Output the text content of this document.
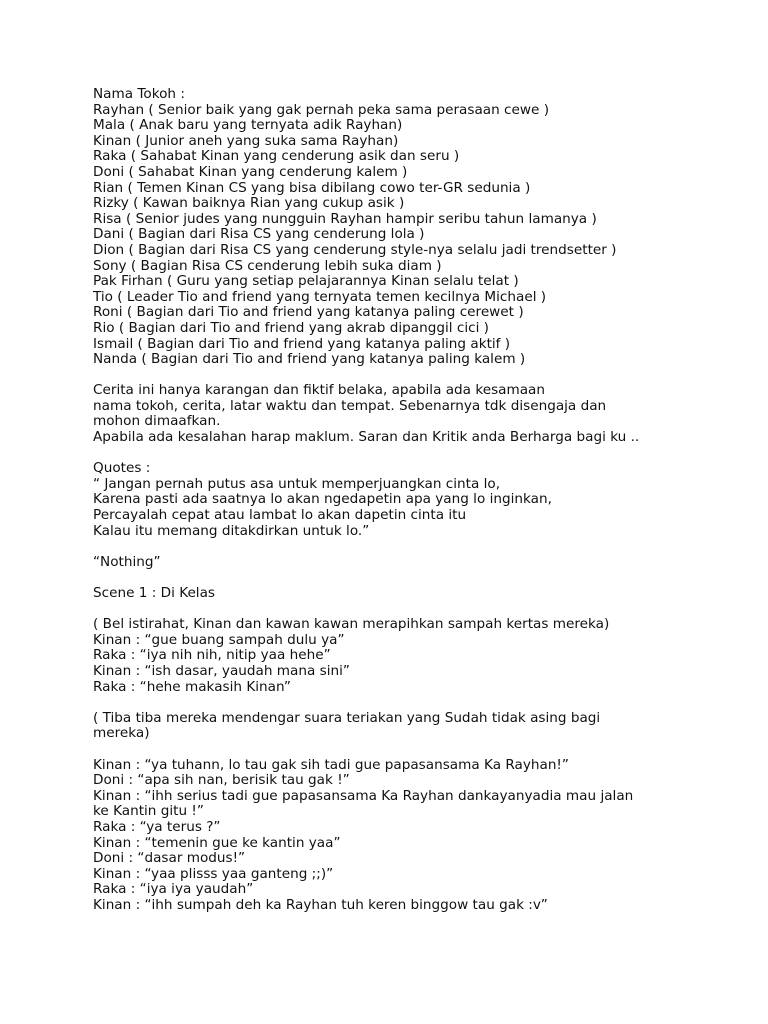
Nama Tokoh :
Rayhan ( Senior baik yang gak pernah peka sama perasaan cewe )
Mala ( Anak baru yang ternyata adik Rayhan)
Kinan ( Junior aneh yang suka sama Rayhan)
Raka ( Sahabat Kinan yang cenderung asik dan seru )
Doni ( Sahabat Kinan yang cenderung kalem )
Rian ( Temen Kinan CS yang bisa dibilang cowo ter-GR sedunia )
Rizky ( Kawan baiknya Rian yang cukup asik )
Risa ( Senior judes yang nungguin Rayhan hampir seribu tahun lamanya )
Dani ( Bagian dari Risa CS yang cenderung lola )
Dion ( Bagian dari Risa CS yang cenderung style-nya selalu jadi trendsetter )
Sony ( Bagian Risa CS cenderung lebih suka diam )
Pak Firhan ( Guru yang setiap pelajarannya Kinan selalu telat )
Tio ( Leader Tio and friend yang ternyata temen kecilnya Michael )
Roni ( Bagian dari Tio and friend yang katanya paling cerewet )
Rio ( Bagian dari Tio and friend yang akrab dipanggil cici )
Ismail ( Bagian dari Tio and friend yang katanya paling aktif )
Nanda ( Bagian dari Tio and friend yang katanya paling kalem )
Cerita ini hanya karangan dan fiktif belaka, apabila ada kesamaan
nama tokoh, cerita, latar waktu dan tempat. Sebenarnya tdk disengaja dan
mohon dimaafkan.
Apabila ada kesalahan harap maklum. Saran dan Kritik anda Berharga bagi ku ..
Quotes :
“ Jangan pernah putus asa untuk memperjuangkan cinta lo,
Karena pasti ada saatnya lo akan ngedapetin apa yang lo inginkan,
Percayalah cepat atau lambat lo akan dapetin cinta itu
Kalau itu memang ditakdirkan untuk lo.”
“Nothing”
Scene 1 : Di Kelas
( Bel istirahat, Kinan dan kawan kawan merapihkan sampah kertas mereka)
Kinan : “gue buang sampah dulu ya”
Raka : “iya nih nih, nitip yaa hehe”
Kinan : “ish dasar, yaudah mana sini”
Raka : “hehe makasih Kinan”
( Tiba tiba mereka mendengar suara teriakan yang Sudah tidak asing bagi
mereka)
Kinan : “ya tuhann, lo tau gak sih tadi gue papasansama Ka Rayhan!”
Doni : “apa sih nan, berisik tau gak !”
Kinan : “ihh serius tadi gue papasansama Ka Rayhan dankayanyadia mau jalan
ke Kantin gitu !”
Raka : “ya terus ?”
Kinan : “temenin gue ke kantin yaa”
Doni : “dasar modus!”
Kinan : “yaa plisss yaa ganteng ;;)”
Raka : “iya iya yaudah”
Kinan : “ihh sumpah deh ka Rayhan tuh keren binggow tau gak :v”
